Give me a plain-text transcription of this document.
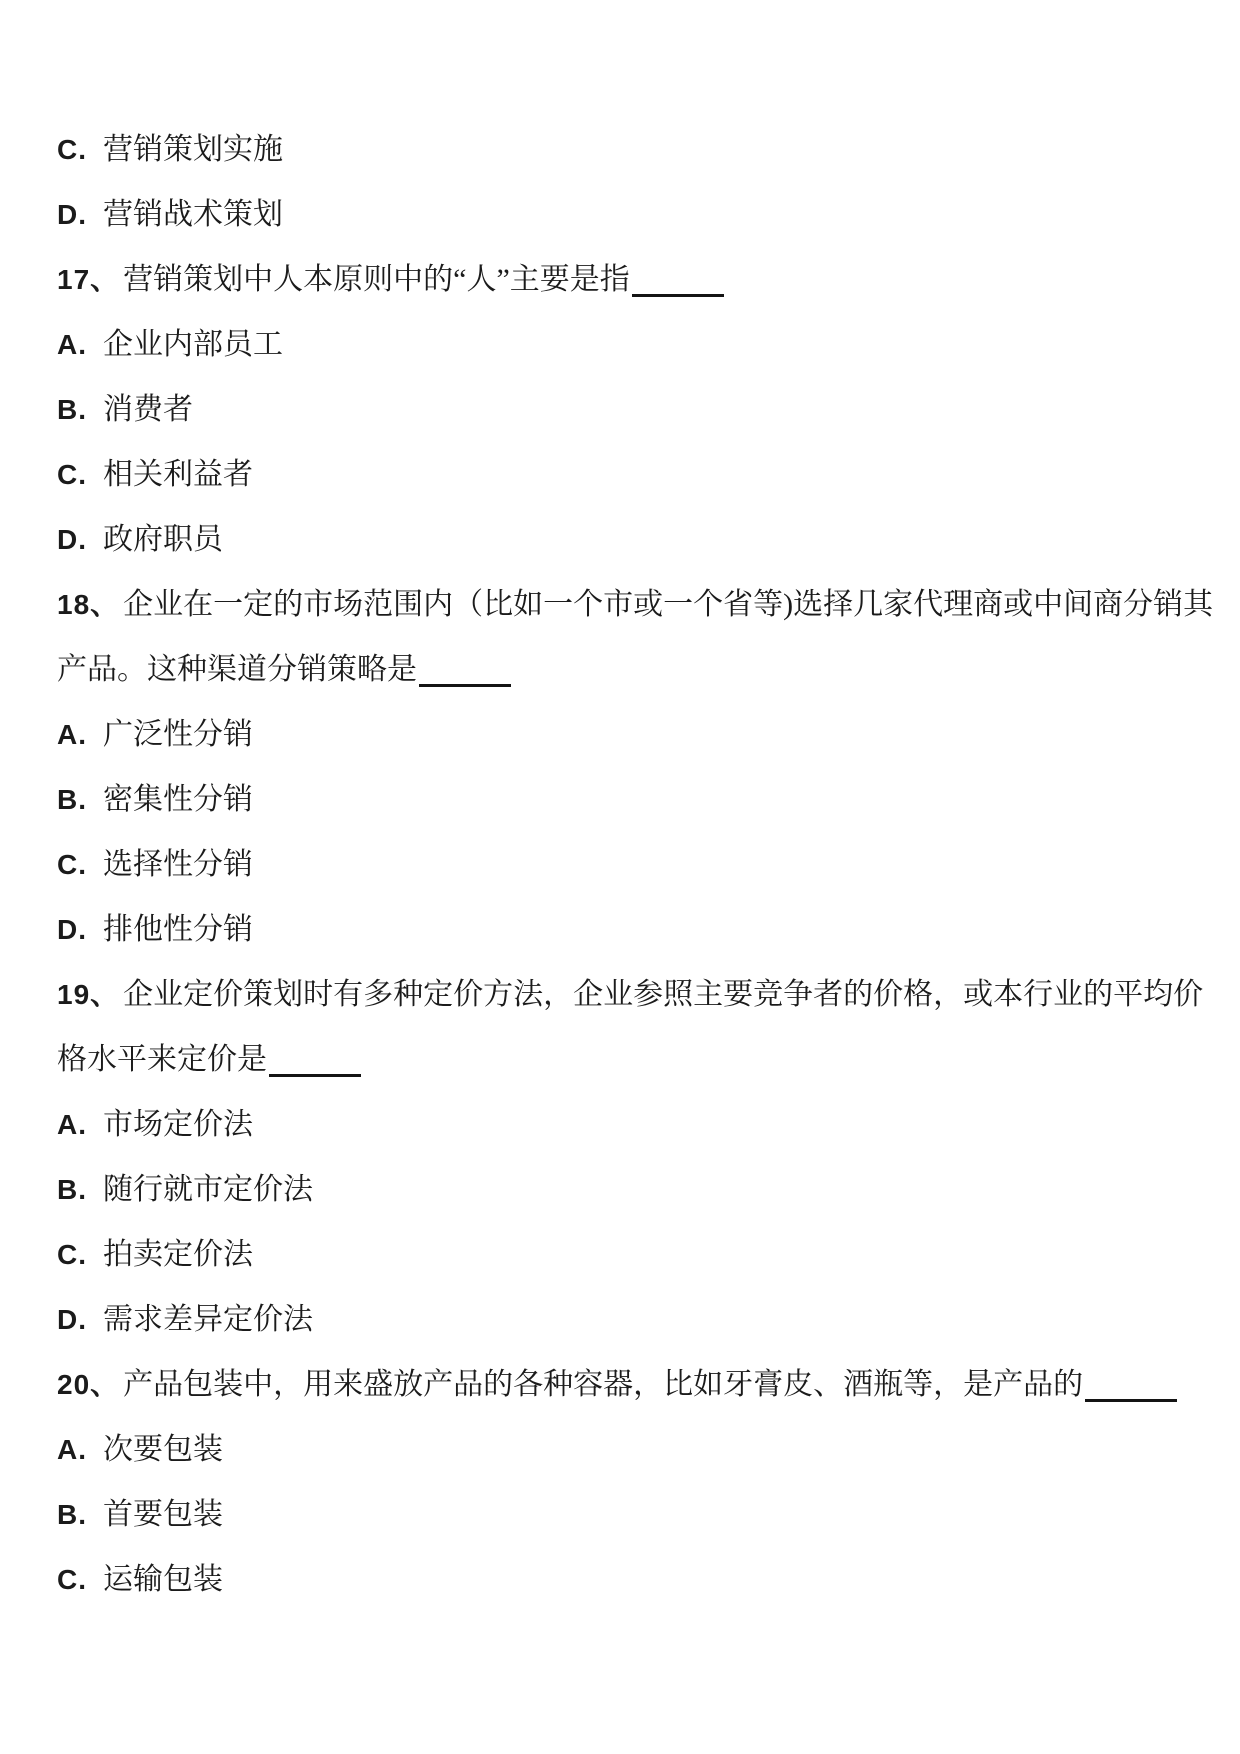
C. 营销策划实施

D. 营销战术策划

17、 营销策划中人本原则中的“人”主要是指

A. 企业内部员工

B. 消费者

C. 相关利益者

D. 政府职员

18、 企业在一定的市场范围内（比如一个市或一个省等)选择几家代理商或中间商分销其

产品。这种渠道分销策略是

A. 广泛性分销

B. 密集性分销

C. 选择性分销

D. 排他性分销

19、 企业定价策划时有多种定价方法，企业参照主要竞争者的价格，或本行业的平均价

格水平来定价是

A. 市场定价法

B. 随行就市定价法

C. 拍卖定价法

D. 需求差异定价法

20、 产品包装中，用来盛放产品的各种容器，比如牙膏皮、酒瓶等，是产品的

A. 次要包装

B. 首要包装

C. 运输包装
